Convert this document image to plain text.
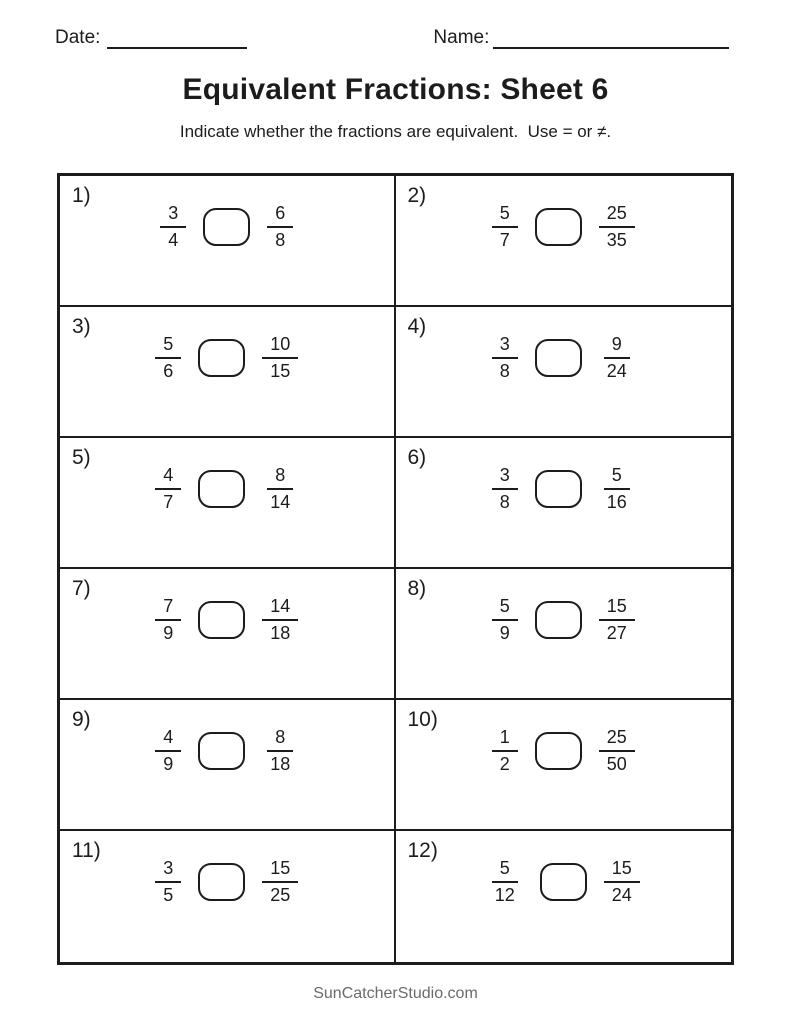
Date:	Name:
Equivalent Fractions: Sheet 6

Indicate whether the fractions are equivalent.  Use = or ≠.

1)
$\frac{3}{4}$	$\frac{6}{8}$
2)
$\frac{5}{7}$	$\frac{25}{35}$
3)
$\frac{5}{6}$	$\frac{10}{15}$
4)
$\frac{3}{8}$	$\frac{9}{24}$
5)
$\frac{4}{7}$	$\frac{8}{14}$
6)
$\frac{3}{8}$	$\frac{5}{16}$
7)
$\frac{7}{9}$	$\frac{14}{18}$
8)
$\frac{5}{9}$	$\frac{15}{27}$
9)
$\frac{4}{9}$	$\frac{8}{18}$
10)
$\frac{1}{2}$	$\frac{25}{50}$
11)
$\frac{3}{5}$	$\frac{15}{25}$
12)
$\frac{5}{12}$	$\frac{15}{24}$
SunCatcherStudio.com
